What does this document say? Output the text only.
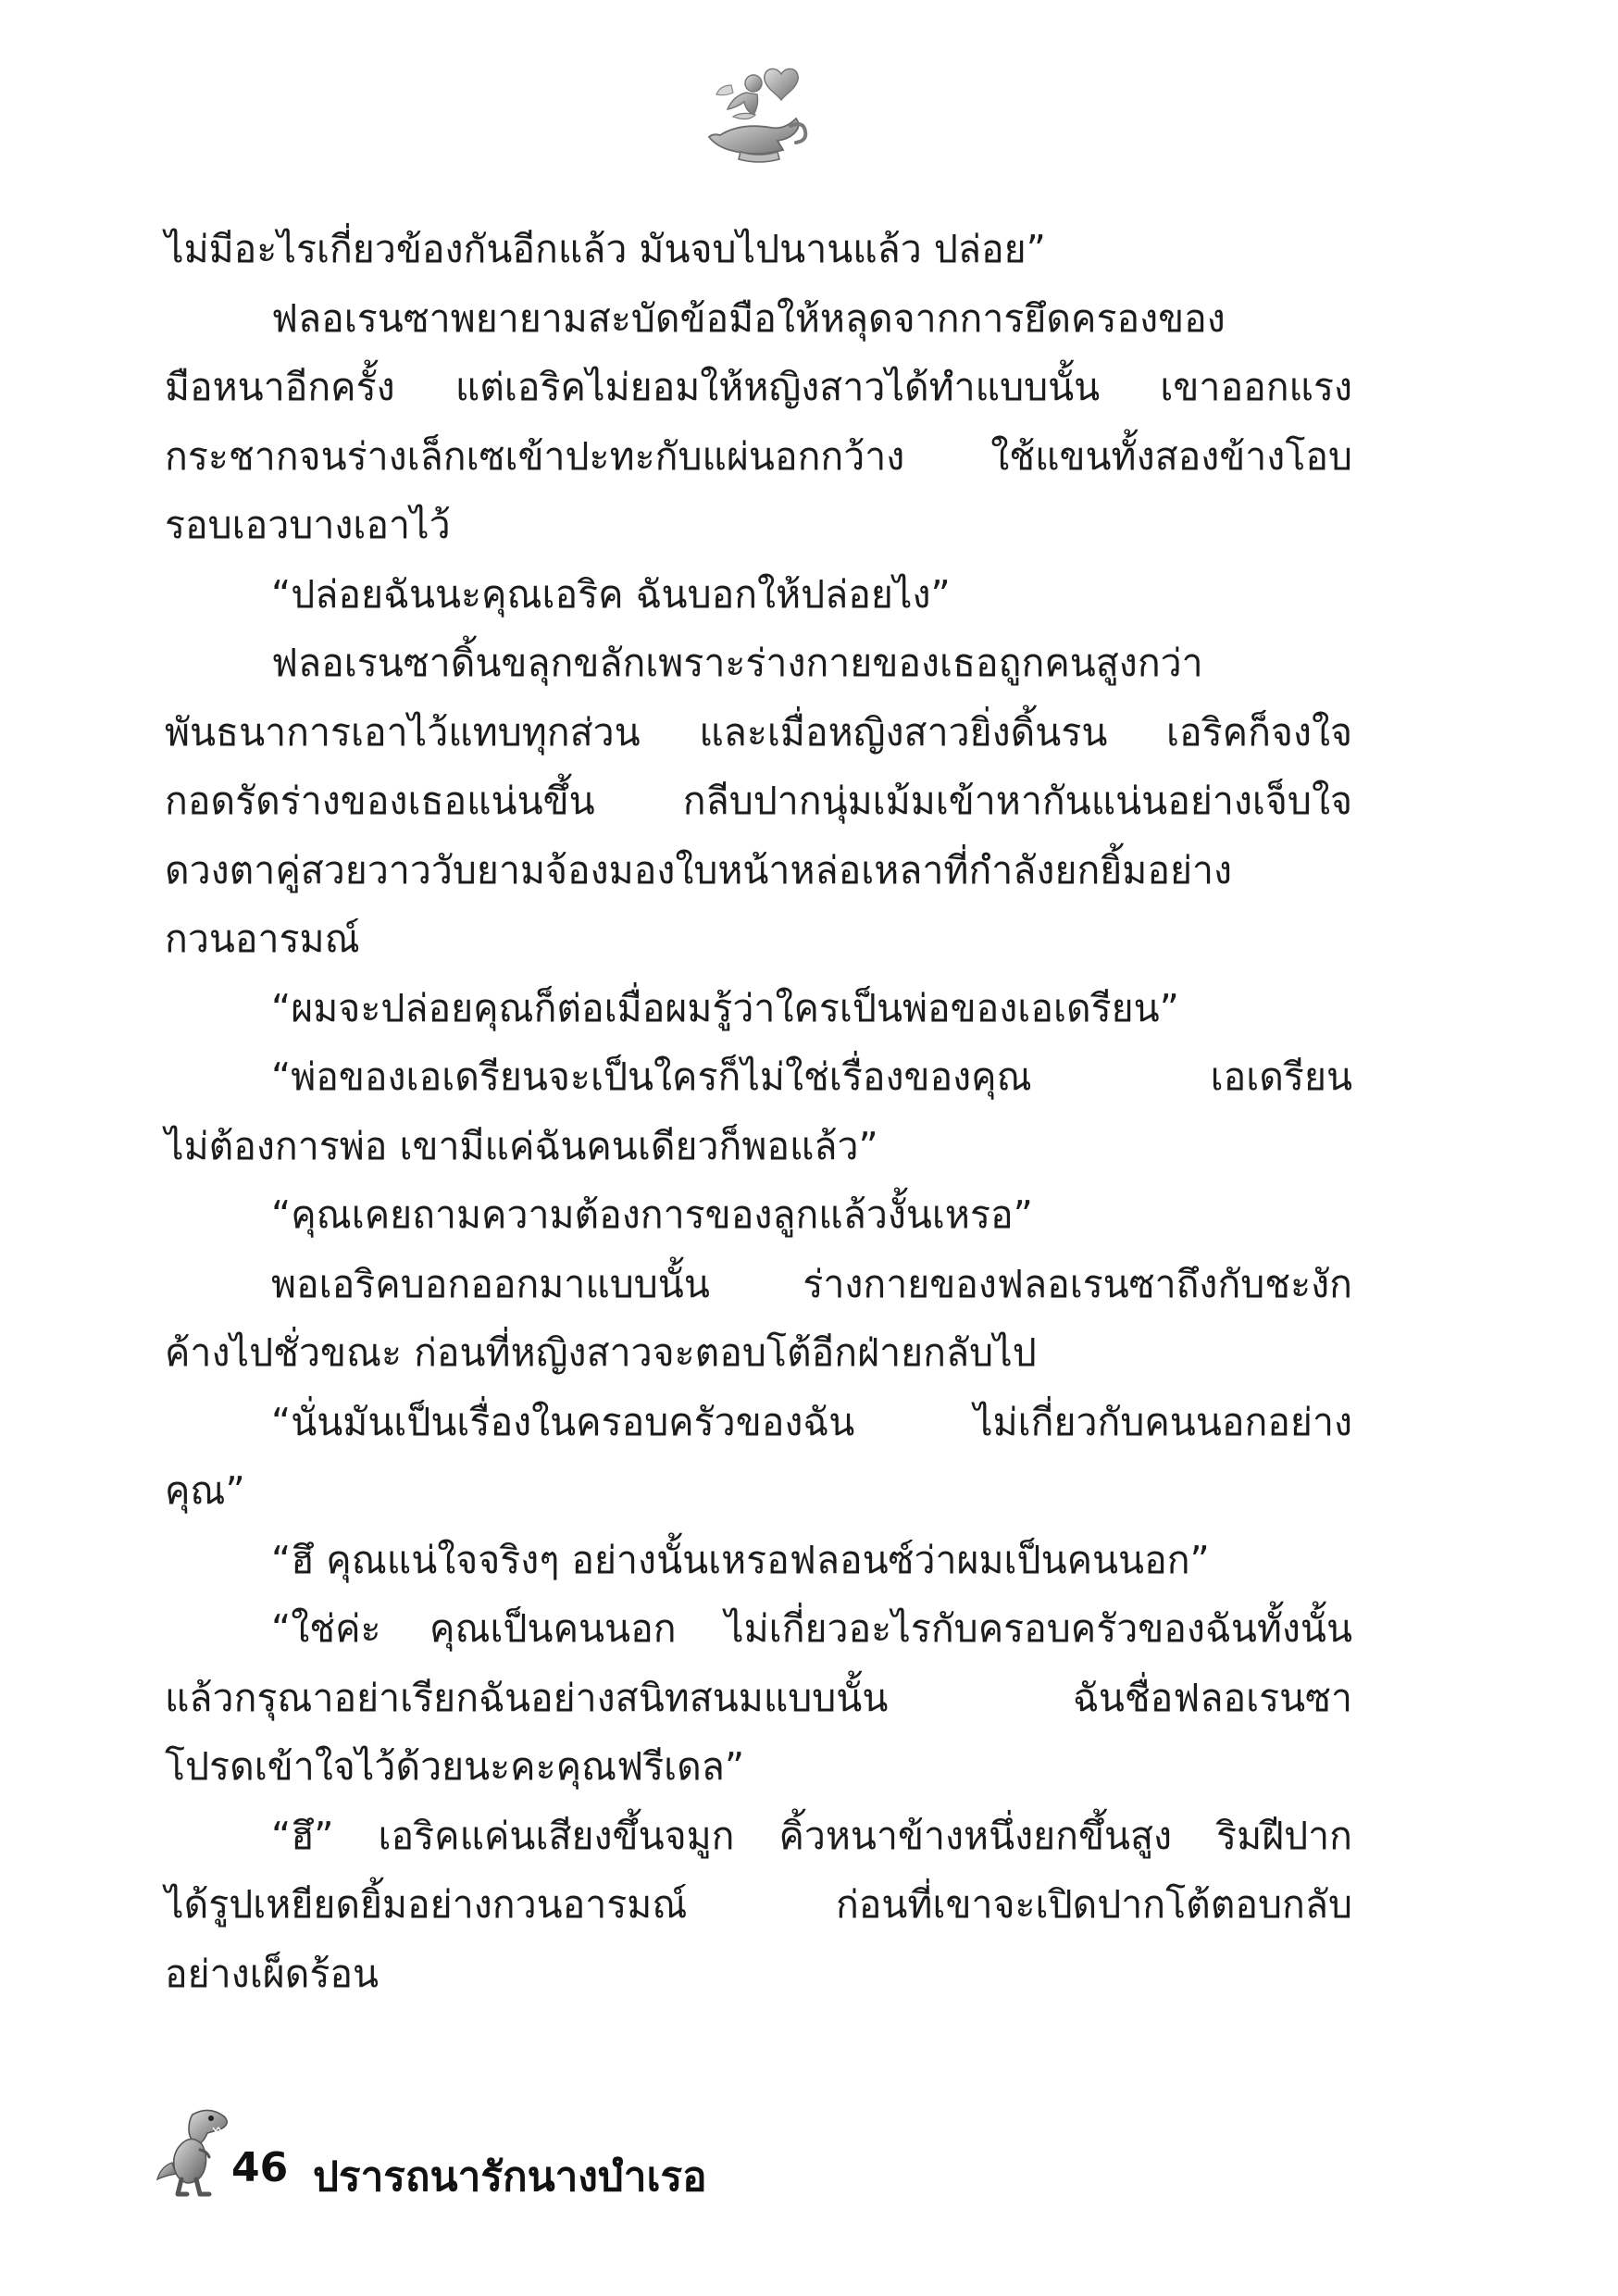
ไม่มีอะไรเกี่ยวข้องกันอีกแล้ว มันจบไปนานแล้ว ปล่อย”
ฟลอเรนซาพยายามสะบัดข้อมือให้หลุดจากการยึดครองของ
มือหนาอีกครั้ง แต่เอริคไม่ยอมให้หญิงสาวได้ทำแบบนั้น เขาออกแรง
กระชากจนร่างเล็กเซเข้าปะทะกับแผ่นอกกว้าง ใช้แขนทั้งสองข้างโอบ
รอบเอวบางเอาไว้
“ปล่อยฉันนะคุณเอริค ฉันบอกให้ปล่อยไง”
ฟลอเรนซาดิ้นขลุกขลักเพราะร่างกายของเธอถูกคนสูงกว่า
พันธนาการเอาไว้แทบทุกส่วน และเมื่อหญิงสาวยิ่งดิ้นรน เอริคก็จงใจ
กอดรัดร่างของเธอแน่นขึ้น กลีบปากนุ่มเม้มเข้าหากันแน่นอย่างเจ็บใจ
ดวงตาคู่สวยวาววับยามจ้องมองใบหน้าหล่อเหลาที่กำลังยกยิ้มอย่าง
กวนอารมณ์
“ผมจะปล่อยคุณก็ต่อเมื่อผมรู้ว่าใครเป็นพ่อของเอเดรียน”
“พ่อของเอเดรียนจะเป็นใครก็ไม่ใช่เรื่องของคุณ เอเดรียน
ไม่ต้องการพ่อ เขามีแค่ฉันคนเดียวก็พอแล้ว”
“คุณเคยถามความต้องการของลูกแล้วงั้นเหรอ”
พอเอริคบอกออกมาแบบนั้น ร่างกายของฟลอเรนซาถึงกับชะงัก
ค้างไปชั่วขณะ ก่อนที่หญิงสาวจะตอบโต้อีกฝ่ายกลับไป
“นั่นมันเป็นเรื่องในครอบครัวของฉัน ไม่เกี่ยวกับคนนอกอย่าง
คุณ”
“ฮึ คุณแน่ใจจริงๆ อย่างนั้นเหรอฟลอนซ์ว่าผมเป็นคนนอก”
“ใช่ค่ะ คุณเป็นคนนอก ไม่เกี่ยวอะไรกับครอบครัวของฉันทั้งนั้น
แล้วกรุณาอย่าเรียกฉันอย่างสนิทสนมแบบนั้น ฉันชื่อฟลอเรนซา
โปรดเข้าใจไว้ด้วยนะคะคุณฟรีเดล”
“ฮึ” เอริคแค่นเสียงขึ้นจมูก คิ้วหนาข้างหนึ่งยกขึ้นสูง ริมฝีปาก
ได้รูปเหยียดยิ้มอย่างกวนอารมณ์ ก่อนที่เขาจะเปิดปากโต้ตอบกลับ
อย่างเผ็ดร้อน
46 ปรารถนารักนางบำเรอ
